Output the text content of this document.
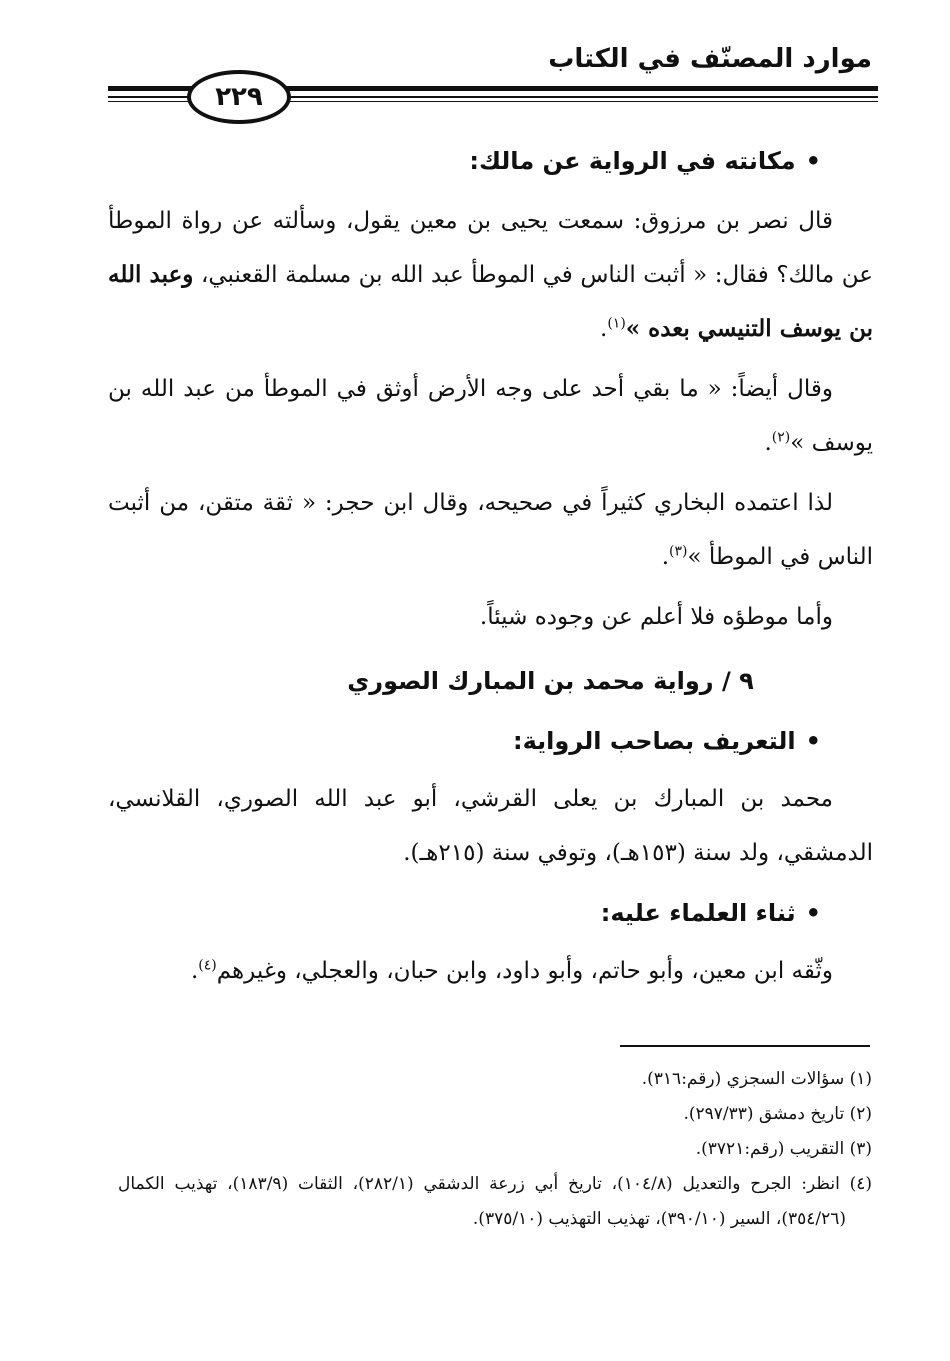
موارد المصنّف في الكتاب
٢٢٩
•مكانته في الرواية عن مالك:

قال نصر بن مرزوق: سمعت يحيى بن معين يقول، وسألته عن رواة الموطأ عن مالك؟ فقال: « أثبت الناس في الموطأ عبد الله بن مسلمة القعنبي، وعبد الله بن يوسف التنيسي بعده »$^{(١)}$.

وقال أيضاً: « ما بقي أحد على وجه الأرض أوثق في الموطأ من عبد الله بن يوسف »$^{(٢)}$.

لذا اعتمده البخاري كثيراً في صحيحه، وقال ابن حجر: « ثقة متقن، من أثبت الناس في الموطأ »$^{(٣)}$.

وأما موطؤه فلا أعلم عن وجوده شيئاً.

٩ / رواية محمد بن المبارك الصوري
•التعريف بصاحب الرواية:

محمد بن المبارك بن يعلى القرشي، أبو عبد الله الصوري، القلانسي، الدمشقي، ولد سنة (١٥٣هـ)، وتوفي سنة (٢١٥هـ).

•ثناء العلماء عليه:

وثّقه ابن معين، وأبو حاتم، وأبو داود، وابن حبان، والعجلي، وغيرهم$^{(٤)}$.

(١) سؤالات السجزي (رقم:٣١٦).

(٢) تاريخ دمشق (٢٩٧/٣٣).

(٣) التقريب (رقم:٣٧٢١).

(٤) انظر: الجرح والتعديل (١٠٤/٨)، تاريخ أبي زرعة الدشقي (٢٨٢/١)، الثقات (١٨٣/٩)، تهذيب الكمال (٣٥٤/٢٦)، السير (٣٩٠/١٠)، تهذيب التهذيب (٣٧٥/١٠).
